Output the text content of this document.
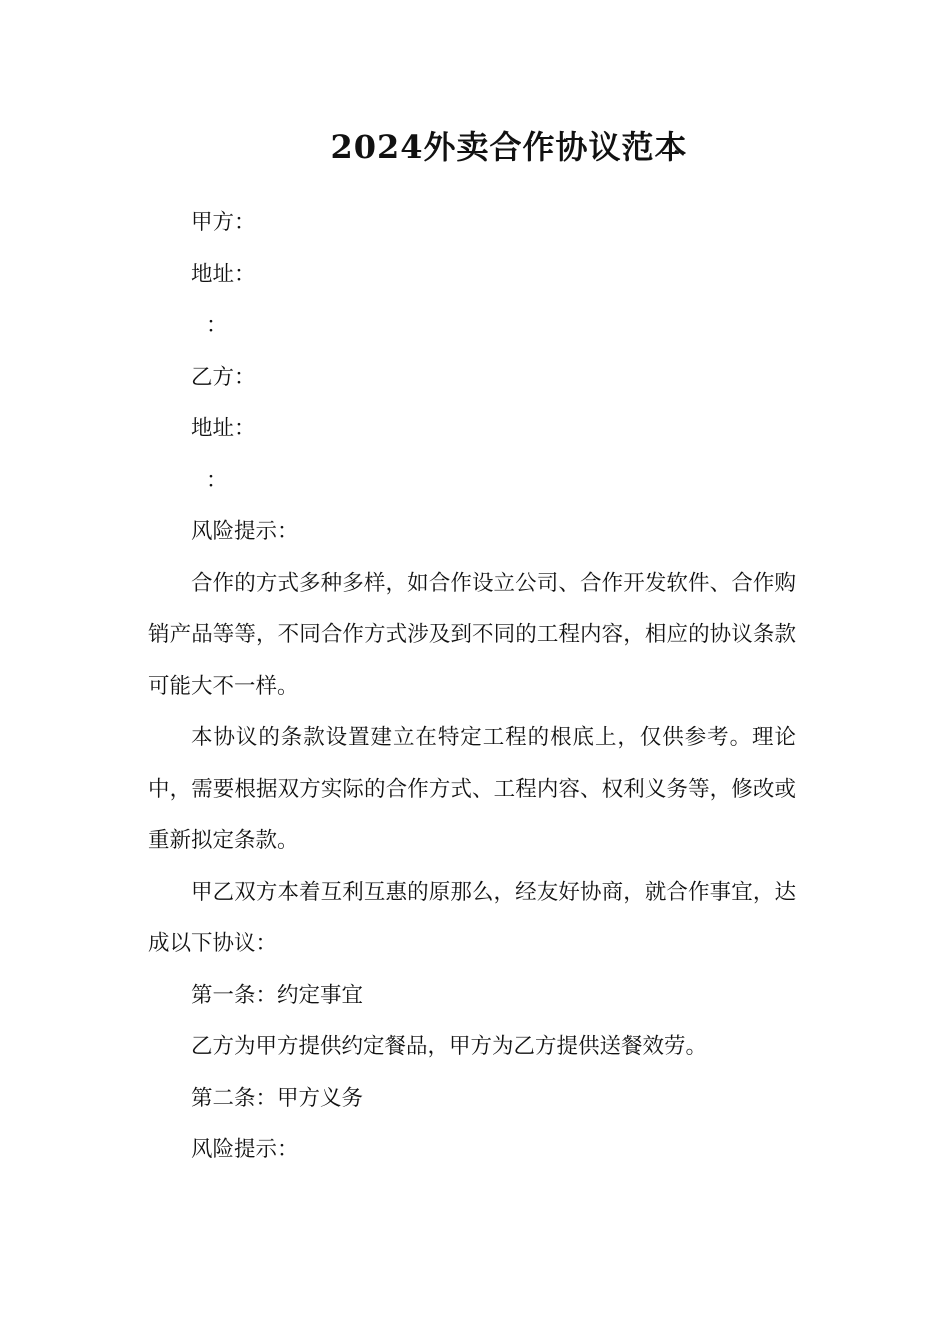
2024外卖合作协议范本

甲方：

地址：

：

乙方：

地址：

：

风险提示：

合作的方式多种多样，如合作设立公司、合作开发软件、合作购销产品等等，不同合作方式涉及到不同的工程内容，相应的协议条款可能大不一样。

本协议的条款设置建立在特定工程的根底上，仅供参考。理论中，需要根据双方实际的合作方式、工程内容、权利义务等，修改或重新拟定条款。

甲乙双方本着互利互惠的原那么，经友好协商，就合作事宜，达成以下协议：

第一条：约定事宜

乙方为甲方提供约定餐品，甲方为乙方提供送餐效劳。

第二条：甲方义务

风险提示：
